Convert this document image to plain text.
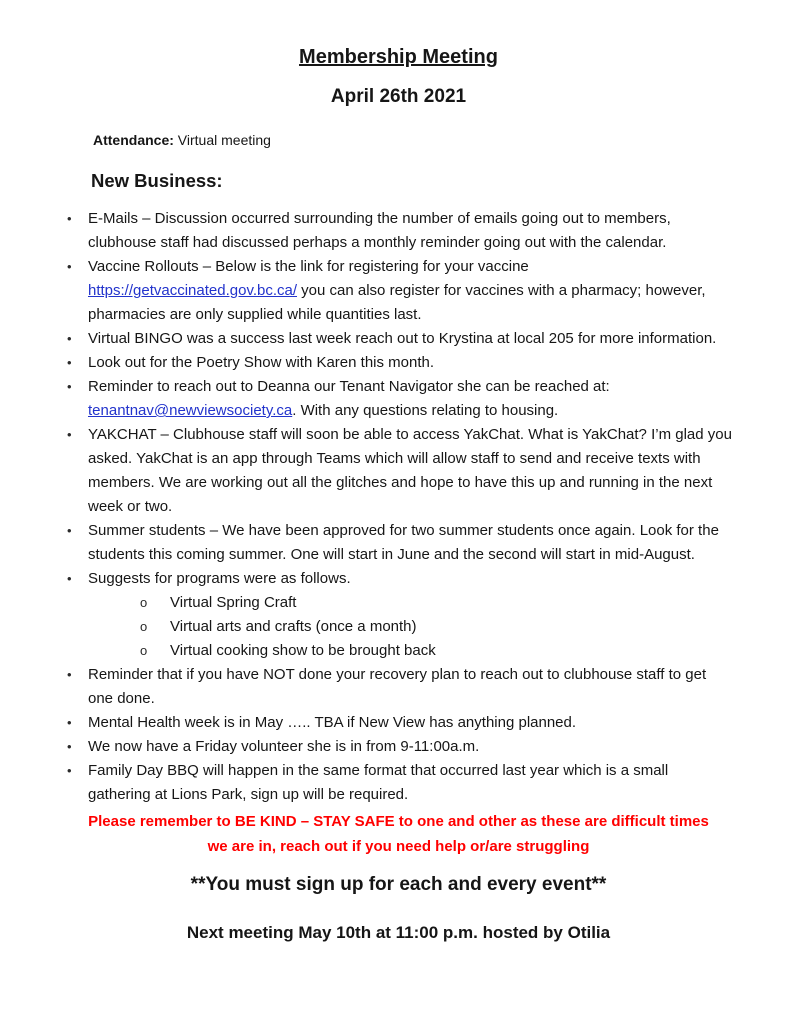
Membership Meeting
April 26th 2021

Attendance: Virtual meeting

New Business:
• E-Mails – Discussion occurred surrounding the number of emails going out to members, clubhouse staff had discussed perhaps a monthly reminder going out with the calendar.
• Vaccine Rollouts – Below is the link for registering for your vaccine https://getvaccinated.gov.bc.ca/ you can also register for vaccines with a pharmacy; however, pharmacies are only supplied while quantities last.
• Virtual BINGO was a success last week reach out to Krystina at local 205 for more information.
• Look out for the Poetry Show with Karen this month.
• Reminder to reach out to Deanna our Tenant Navigator she can be reached at: tenantnav@newviewsociety.ca. With any questions relating to housing.
• YAKCHAT – Clubhouse staff will soon be able to access YakChat. What is YakChat? I’m glad you asked. YakChat is an app through Teams which will allow staff to send and receive texts with members. We are working out all the glitches and hope to have this up and running in the next week or two.
• Summer students – We have been approved for two summer students once again. Look for the students this coming summer. One will start in June and the second will start in mid-August.
• Suggests for programs were as follows.
o Virtual Spring Craft
o Virtual arts and crafts (once a month)
o Virtual cooking show to be brought back
• Reminder that if you have NOT done your recovery plan to reach out to clubhouse staff to get one done.
• Mental Health week is in May ….. TBA if New View has anything planned.
• We now have a Friday volunteer she is in from 9-11:00a.m.
• Family Day BBQ will happen in the same format that occurred last year which is a small gathering at Lions Park, sign up will be required.

Please remember to BE KIND – STAY SAFE to one and other as these are difficult times we are in, reach out if you need help or/are struggling

**You must sign up for each and every event**

Next meeting May 10th at 11:00 p.m. hosted by Otilia
